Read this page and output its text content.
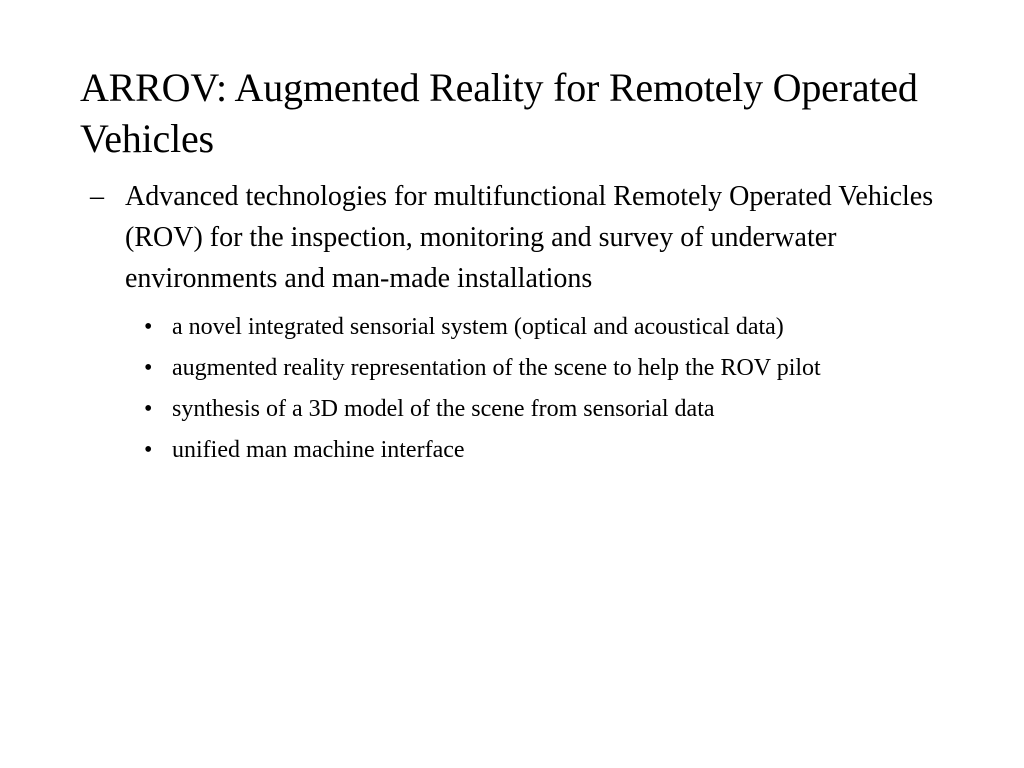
ARROV: Augmented Reality for Remotely Operated Vehicles
– Advanced technologies for multifunctional Remotely Operated Vehicles (ROV) for the inspection, monitoring and survey of underwater environments and man-made installations
• a novel integrated sensorial system (optical and acoustical data)
• augmented reality representation of the scene to help the ROV pilot
• synthesis of a 3D model of the scene from sensorial data
• unified man machine interface
